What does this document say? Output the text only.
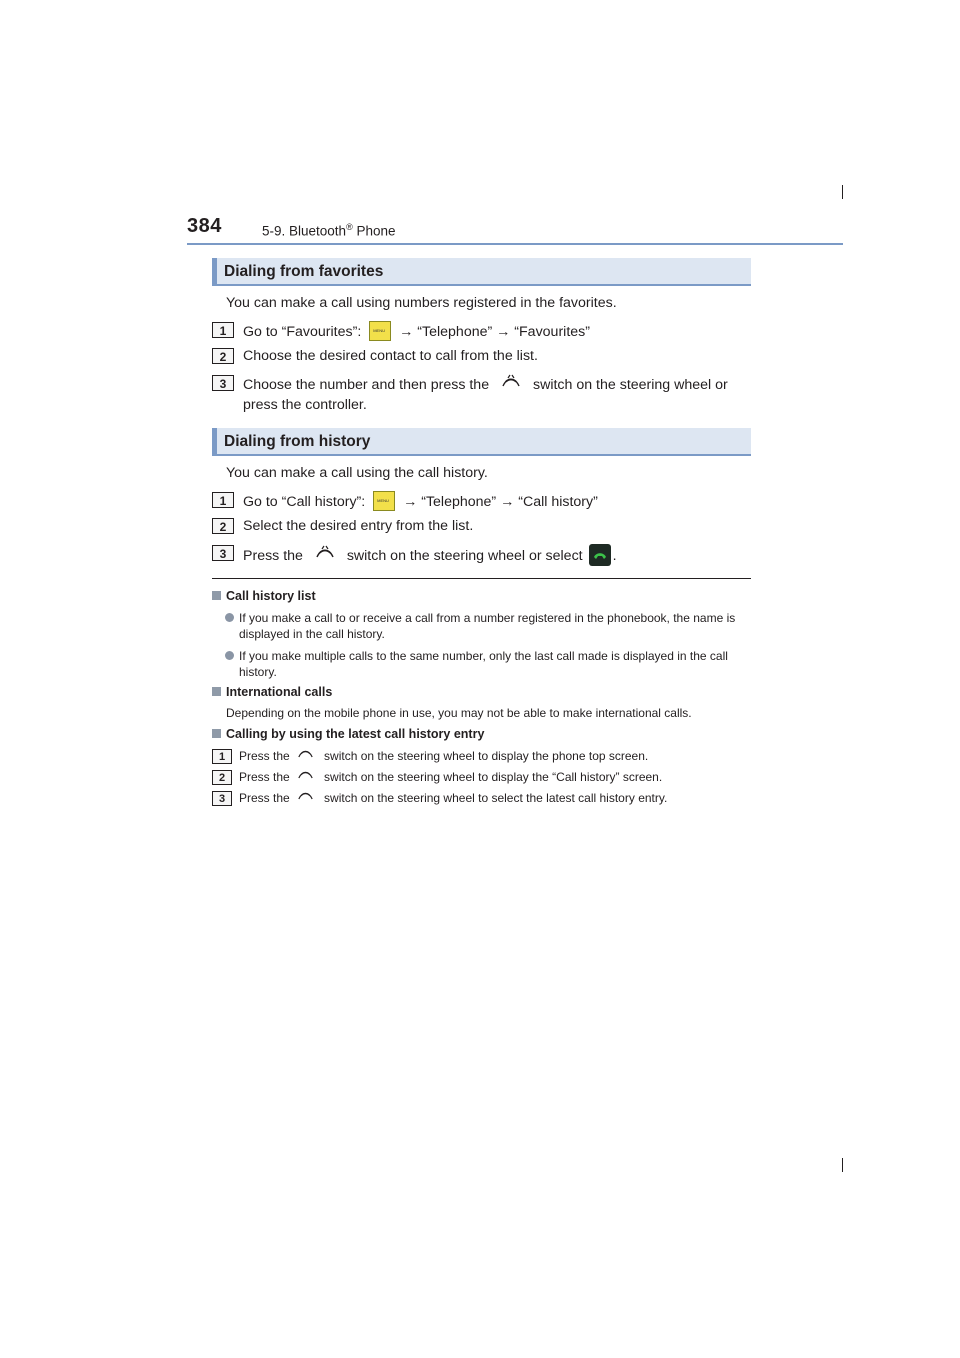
384	5-9. Bluetooth® Phone
Dialing from favorites
You can make a call using numbers registered in the favorites.
1	Go to “Favourites”: MENU → “Telephone” → “Favourites”
2	Choose the desired contact to call from the list.
3	Choose the number and then press the	switch on the steering wheel or
press the controller.
Dialing from history
You can make a call using the call history.
1	Go to “Call history”: MENU → “Telephone” → “Call history”
2	Select the desired entry from the list.
3	Press the	switch on the steering wheel or select .
Call history list
If you make a call to or receive a call from a number registered in the phonebook, the name is displayed in the call history.
If you make multiple calls to the same number, only the last call made is displayed in the call history.
International calls
Depending on the mobile phone in use, you may not be able to make international calls.
Calling by using the latest call history entry
1	Press the	switch on the steering wheel to display the phone top screen.
2	Press the	switch on the steering wheel to display the “Call history” screen.
3	Press the	switch on the steering wheel to select the latest call history entry.
